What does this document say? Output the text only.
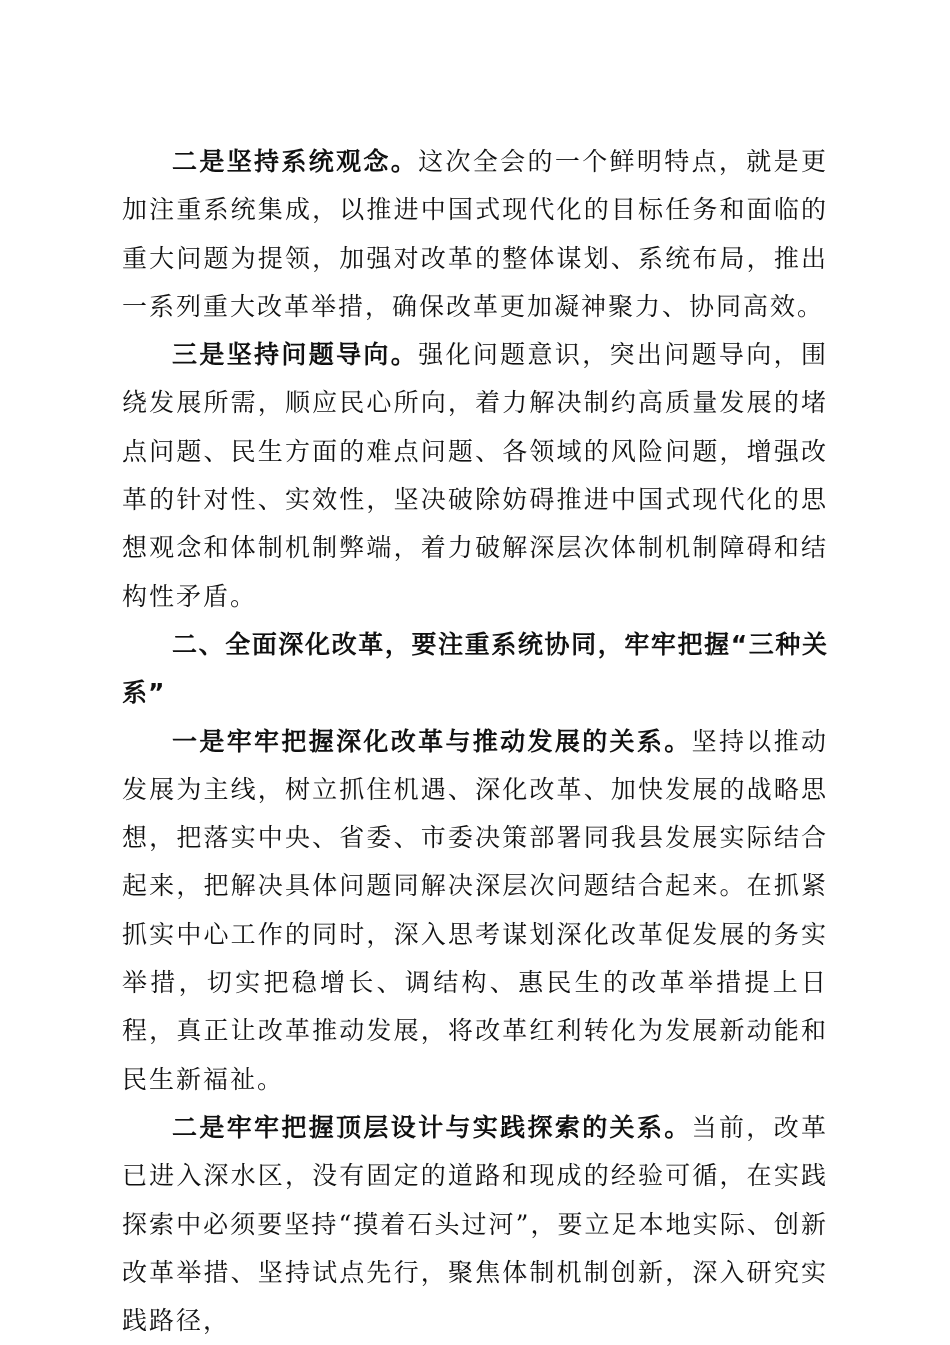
二是坚持系统观念。这次全会的一个鲜明特点，就是更加注重系统集成，以推进中国式现代化的目标任务和面临的重大问题为提领，加强对改革的整体谋划、系统布局，推出一系列重大改革举措，确保改革更加凝神聚力、协同高效。

三是坚持问题导向。强化问题意识，突出问题导向，围绕发展所需，顺应民心所向，着力解决制约高质量发展的堵点问题、民生方面的难点问题、各领域的风险问题，增强改革的针对性、实效性，坚决破除妨碍推进中国式现代化的思想观念和体制机制弊端，着力破解深层次体制机制障碍和结构性矛盾。

二、全面深化改革，要注重系统协同，牢牢把握“三种关系”

一是牢牢把握深化改革与推动发展的关系。坚持以推动发展为主线，树立抓住机遇、深化改革、加快发展的战略思想，把落实中央、省委、市委决策部署同我县发展实际结合起来，把解决具体问题同解决深层次问题结合起来。在抓紧抓实中心工作的同时，深入思考谋划深化改革促发展的务实举措，切实把稳增长、调结构、惠民生的改革举措提上日程，真正让改革推动发展，将改革红利转化为发展新动能和民生新福祉。

二是牢牢把握顶层设计与实践探索的关系。当前，改革已进入深水区，没有固定的道路和现成的经验可循，在实践探索中必须要坚持“摸着石头过河”，要立足本地实际、创新改革举措、坚持试点先行，聚焦体制机制创新，深入研究实践路径，
